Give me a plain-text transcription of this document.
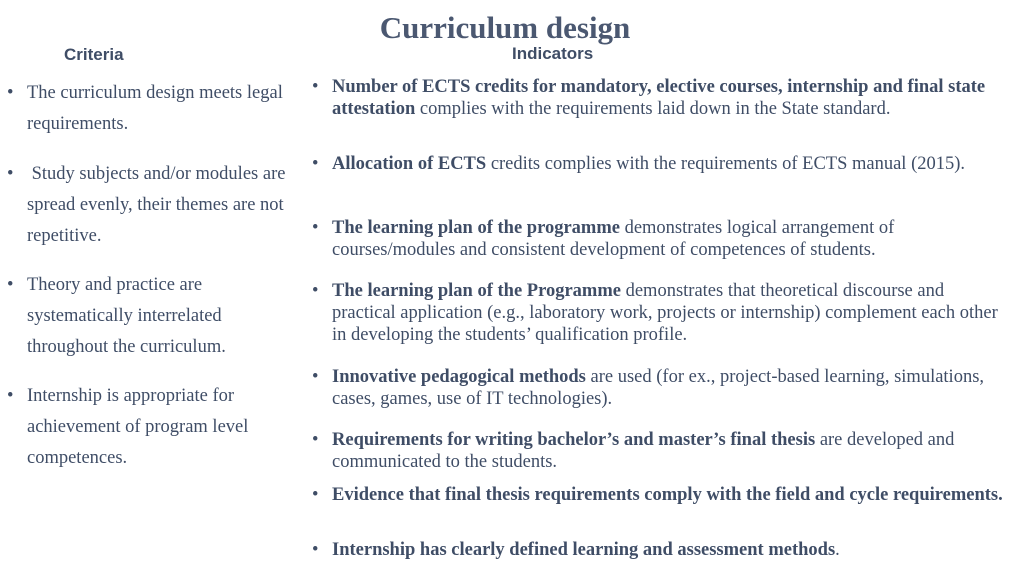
Curriculum design
Criteria	Indicators
• The curriculum design meets legal requirements.
• Study subjects and/or modules are spread evenly, their themes are not repetitive.
• Theory and practice are systematically interrelated throughout the curriculum.
• Internship is appropriate for achievement of program level competences.
• Number of ECTS credits for mandatory, elective courses, internship and final state attestation complies with the requirements laid down in the State standard.
• Allocation of ECTS credits complies with the requirements of ECTS manual (2015).
• The learning plan of the programme demonstrates logical arrangement of courses/modules and consistent development of competences of students.
• The learning plan of the Programme demonstrates that theoretical discourse and practical application (e.g., laboratory work, projects or internship) complement each other in developing the students’ qualification profile.
• Innovative pedagogical methods are used (for ex., project-based learning, simulations, cases, games, use of IT technologies).
• Requirements for writing bachelor’s and master’s final thesis are developed and communicated to the students.
• Evidence that final thesis requirements comply with the field and cycle requirements.
• Internship has clearly defined learning and assessment methods.
